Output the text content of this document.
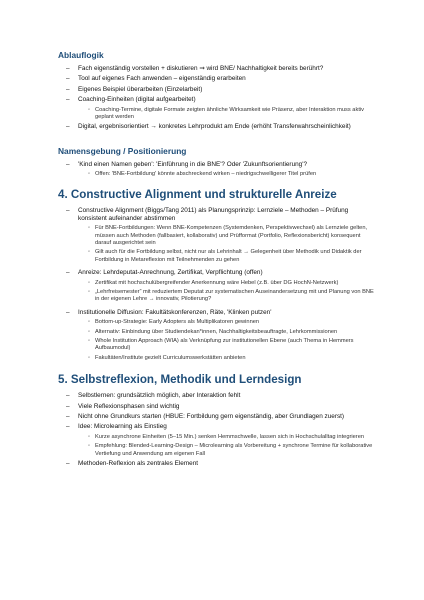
Ablauflogik
– Fach eigenständig vorstellen + diskutieren ⇒ wird BNE/ Nachhaltigkeit bereits berührt?
– Tool auf eigenes Fach anwenden – eigenständig erarbeiten
– Eigenes Beispiel überarbeiten (Einzelarbeit)
– Coaching-Einheiten (digital aufgearbeitet)
◦ Coaching-Termine, digitale Formate zeigten ähnliche Wirksamkeit wie Präsenz, aber Interaktion muss aktiv geplant werden
– Digital, ergebnisorientiert → konkretes Lehrprodukt am Ende (erhöht Transferwahrscheinlichkeit)
Namensgebung / Positionierung
– 'Kind einen Namen geben': 'Einführung in die BNE'? Oder 'Zukunftsorientierung'?
◦ Offen: 'BNE-Fortbildung' könnte abschreckend wirken – niedrigschwelligerer Titel prüfen
4. Constructive Alignment und strukturelle Anreize
– Constructive Alignment (Biggs/Tang 2011) als Planungsprinzip: Lernziele – Methoden – Prüfung konsistent aufeinander abstimmen
◦ Für BNE-Fortbildungen: Wenn BNE-Kompetenzen (Systemdenken, Perspektivwechsel) als Lernziele gelten, müssen auch Methoden (fallbasiert, kollaborativ) und Prüfformat (Portfolio, Reflexionsbericht) konsequent darauf ausgerichtet sein
◦ Gilt auch für die Fortbildung selbst, nicht nur als Lehrinhalt → Gelegenheit über Methodik und Didaktik der Fortbildung in Metareflexion mit Teilnehmenden zu gehen
– Anreize: Lehrdeputat-Anrechnung, Zertifikat, Verpflichtung (offen)
◦ Zertifikat mit hochschulübergreifender Anerkennung wäre Hebel (z.B. über DG HochN-Netzwerk)
◦ „Lehrfreisemester“ mit reduziertem Deputat zur systematischen Auseinandersetzung mit und Planung von BNE in der eigenen Lehre → innovativ, Pilotierung?
– Institutionelle Diffusion: Fakultätskonferenzen, Räte, 'Klinken putzen'
◦ Bottom-up-Strategie: Early Adopters als Multiplikatoren gewinnen
◦ Alternativ: Einbindung über Studiendekan*innen, Nachhaltigkeitsbeauftragte, Lehrkommissionen
◦ Whole Institution Approach (WIA) als Verknüpfung zur institutionellen Ebene (auch Thema in Hemmers Aufbaumodul)
◦ Fakultäten/Institute gezielt Curriculumswerkstätten anbieten
5. Selbstreflexion, Methodik und Lerndesign
– Selbstlernen: grundsätzlich möglich, aber Interaktion fehlt
– Viele Reflexionsphasen sind wichtig
– Nicht ohne Grundkurs starten (HBUE: Fortbildung gern eigenständig, aber Grundlagen zuerst)
– Idee: Microlearning als Einstieg
◦ Kurze asynchrone Einheiten (5–15 Min.) senken Hemmschwelle, lassen sich in Hochschulalltag integrieren
◦ Empfehlung: Blended-Learning-Design – Microlearning als Vorbereitung + synchrone Termine für kollaborative Vertiefung und Anwendung am eigenen Fall
– Methoden-Reflexion als zentrales Element
